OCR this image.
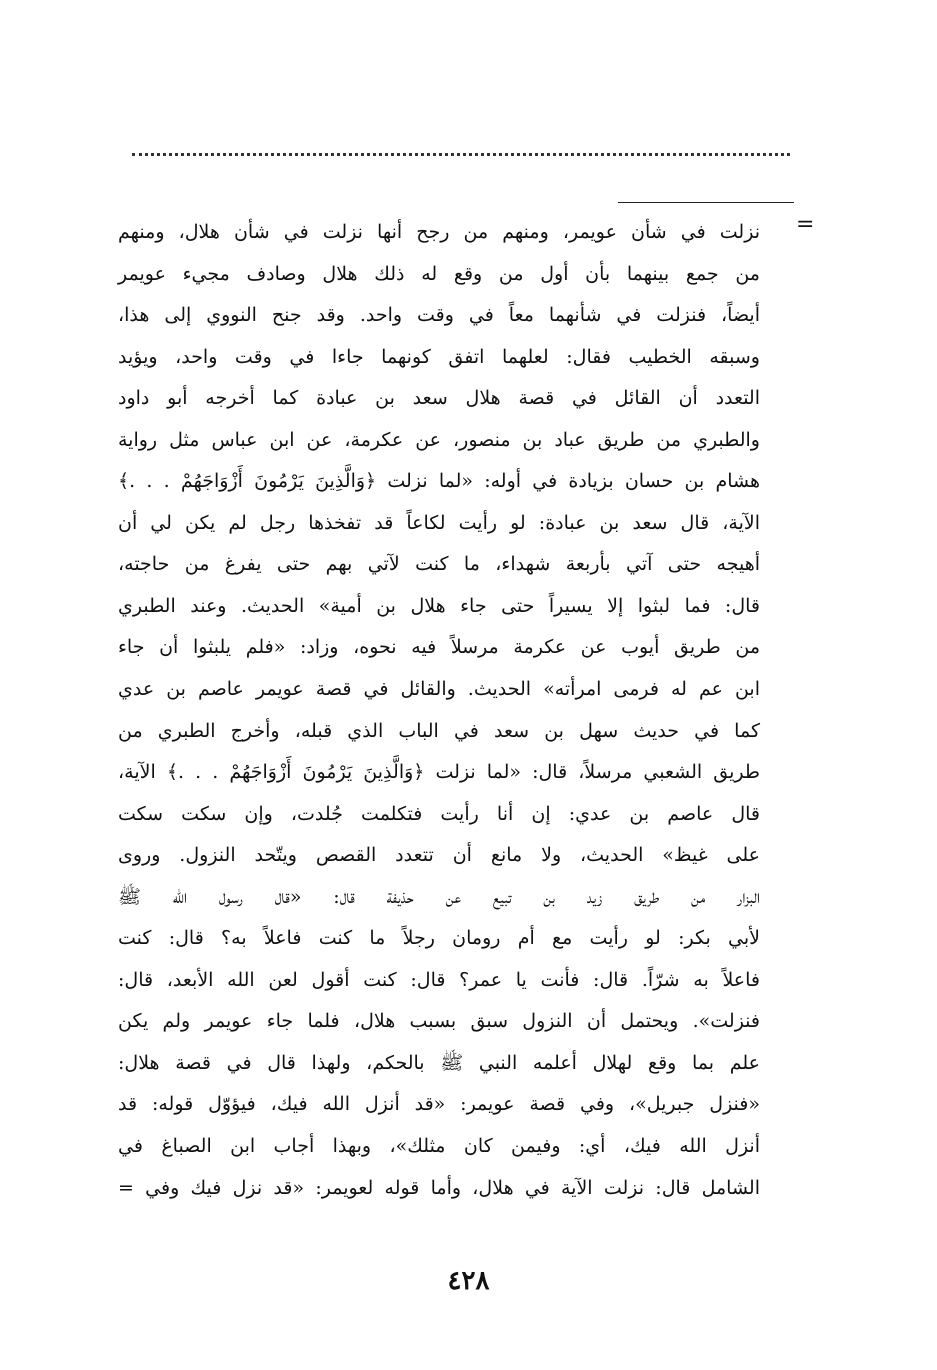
=
نزلت في شأن عويمر، ومنهم من رجح أنها نزلت في شأن هلال، ومنهم
من جمع بينهما بأن أول من وقع له ذلك هلال وصادف مجيء عويمر
أيضاً، فنزلت في شأنهما معاً في وقت واحد. وقد جنح النووي إلى هذا،
وسبقه الخطيب فقال: لعلهما اتفق كونهما جاءا في وقت واحد، ويؤيد
التعدد أن القائل في قصة هلال سعد بن عبادة كما أخرجه أبو داود
والطبري من طريق عباد بن منصور، عن عكرمة، عن ابن عباس مثل رواية
هشام بن حسان بزيادة في أوله: «لما نزلت ﴿وَالَّذِينَ يَرْمُونَ أَزْوَاجَهُمْ . . .﴾
الآية، قال سعد بن عبادة: لو رأيت لكاعاً قد تفخذها رجل لم يكن لي أن
أهيجه حتى آتي بأربعة شهداء، ما كنت لآتي بهم حتى يفرغ من حاجته،
قال: فما لبثوا إلا يسيراً حتى جاء هلال بن أمية» الحديث. وعند الطبري
من طريق أيوب عن عكرمة مرسلاً فيه نحوه، وزاد: «فلم يلبثوا أن جاء
ابن عم له فرمى امرأته» الحديث. والقائل في قصة عويمر عاصم بن عدي
كما في حديث سهل بن سعد في الباب الذي قبله، وأخرج الطبري من
طريق الشعبي مرسلاً، قال: «لما نزلت ﴿وَالَّذِينَ يَرْمُونَ أَزْوَاجَهُمْ . . .﴾ الآية،
قال عاصم بن عدي: إن أنا رأيت فتكلمت جُلدت، وإن سكت سكت
على غيظ» الحديث، ولا مانع أن تتعدد القصص ويتّحد النزول. وروى
البزار من طريق زيد بن تبيع عن حذيفة قال: «قال رسول الله ﷺ
لأبي بكر: لو رأيت مع أم رومان رجلاً ما كنت فاعلاً به؟ قال: كنت
فاعلاً به شرّاً. قال: فأنت يا عمر؟ قال: كنت أقول لعن الله الأبعد، قال:
فنزلت». ويحتمل أن النزول سبق بسبب هلال، فلما جاء عويمر ولم يكن
علم بما وقع لهلال أعلمه النبي ﷺ بالحكم، ولهذا قال في قصة هلال:
«فنزل جبريل»، وفي قصة عويمر: «قد أنزل الله فيك، فيؤوّل قوله: قد
أنزل الله فيك، أي: وفيمن كان مثلك»، وبهذا أجاب ابن الصباغ في
الشامل قال: نزلت الآية في هلال، وأما قوله لعويمر: «قد نزل فيك وفي =
٤٢٨
